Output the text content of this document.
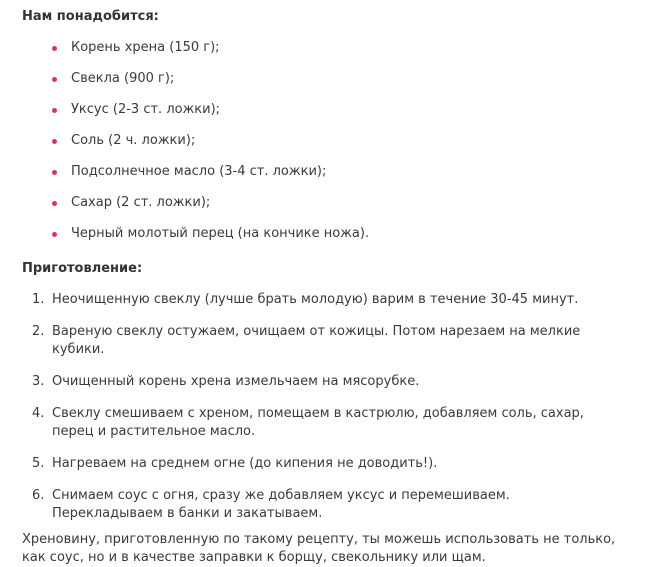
Нам понадобится:

Корень хрена (150 г);
Свекла (900 г);
Уксус (2-3 ст. ложки);
Соль (2 ч. ложки);
Подсолнечное масло (3-4 ст. ложки);
Сахар (2 ст. ложки);
Черный молотый перец (на кончике ножа).

Приготовление:

1. Неочищенную свеклу (лучше брать молодую) варим в течение 30-45 минут.
2. Вареную свеклу остужаем, очищаем от кожицы. Потом нарезаем на мелкие кубики.
3. Очищенный корень хрена измельчаем на мясорубке.
4. Свеклу смешиваем с хреном, помещаем в кастрюлю, добавляем соль, сахар, перец и растительное масло.
5. Нагреваем на среднем огне (до кипения не доводить!).
6. Снимаем соус с огня, сразу же добавляем уксус и перемешиваем. Перекладываем в банки и закатываем.

Хреновину, приготовленную по такому рецепту, ты можешь использовать не только, как соус, но и в качестве заправки к борщу, свекольнику или щам.
